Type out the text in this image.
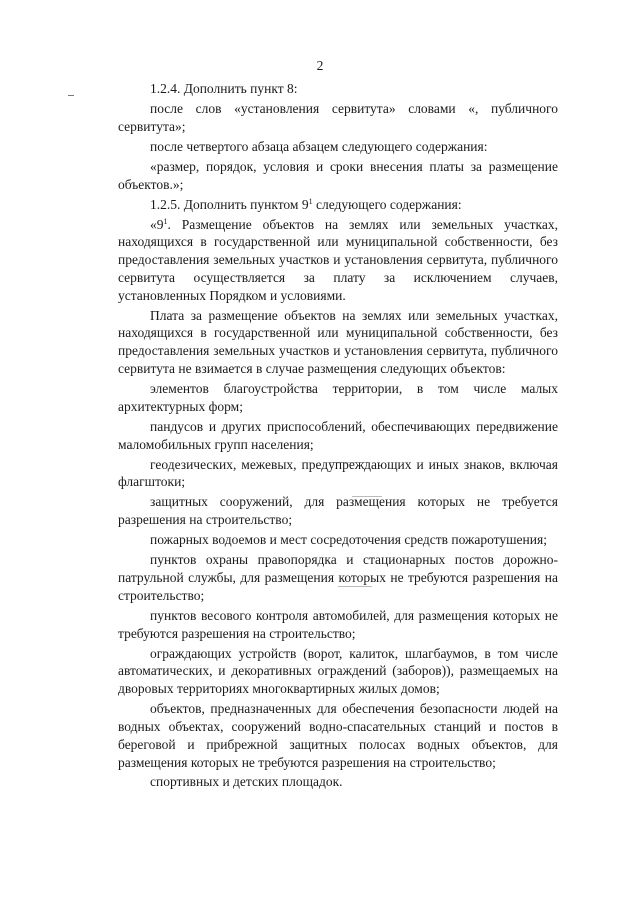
2

1.2.4. Дополнить пункт 8:

после слов «установления сервитута» словами «, публичного сервитута»;

после четвертого абзаца абзацем следующего содержания:

«размер, порядок, условия и сроки внесения платы за размещение объектов.»;

1.2.5. Дополнить пунктом $9^1$ следующего содержания:

«$9^1$. Размещение объектов на землях или земельных участках, находящихся в государственной или муниципальной собственности, без предоставления земельных участков и установления сервитута, публичного сервитута осуществляется за плату за исключением случаев, установленных Порядком и условиями.

Плата за размещение объектов на землях или земельных участках, находящихся в государственной или муниципальной собственности, без предоставления земельных участков и установления сервитута, публичного сервитута не взимается в случае размещения следующих объектов:

элементов благоустройства территории, в том числе малых архитектурных форм;

пандусов и других приспособлений, обеспечивающих передвижение маломобильных групп населения;

геодезических, межевых, предупреждающих и иных знаков, включая флагштоки;

защитных сооружений, для размещения которых не требуется разрешения на строительство;

пожарных водоемов и мест сосредоточения средств пожаротушения;

пунктов охраны правопорядка и стационарных постов дорожно-патрульной службы, для размещения которых не требуются разрешения на строительство;

пунктов весового контроля автомобилей, для размещения которых не требуются разрешения на строительство;

ограждающих устройств (ворот, калиток, шлагбаумов, в том числе автоматических, и декоративных ограждений (заборов)), размещаемых на дворовых территориях многоквартирных жилых домов;

объектов, предназначенных для обеспечения безопасности людей на водных объектах, сооружений водно-спасательных станций и постов в береговой и прибрежной защитных полосах водных объектов, для размещения которых не требуются разрешения на строительство;

спортивных и детских площадок.
